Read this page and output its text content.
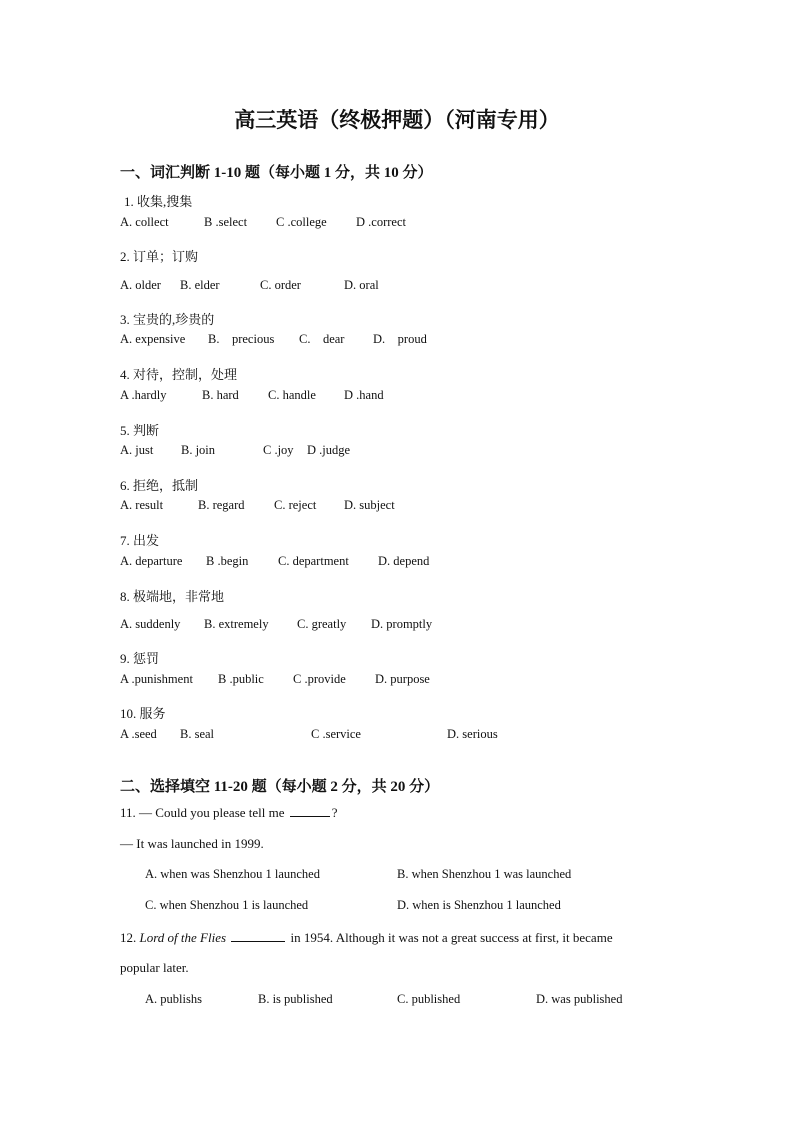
高三英语（终极押题）（河南专用）
一、词汇判断 1-10 题（每小题 1 分，共 10 分）
1. 收集,搜集
A. collect	B .select C .college D .correct
2. 订单；订购
A. older B. elder	C. order	D. oral
3. 宝贵的,珍贵的
A. expensive B.    precious C.    dear D.    proud
4. 对待，控制，处理
A .hardly	B. hard C. handle D .hand
5. 判断
A. just B. join	C .joy D .judge
6. 拒绝，抵制
A. result	B. regard C. reject D. subject
7. 出发
A. departure B .begin C. department D. depend
8. 极端地，非常地
A. suddenly B. extremely C. greatly D. promptly
9. 惩罚
A .punishment B .public C .provide D. purpose
10. 服务
A .seed B. seal	C .service	D. serious
二、选择填空 11-20 题（每小题 2 分，共 20 分）
11. — Could you please tell me	?
— It was launched in 1999.
A. when was Shenzhou 1 launched	B. when Shenzhou 1 was launched
C. when Shenzhou 1 is launched	D. when is Shenzhou 1 launched
12. Lord of the Flies	in 1954. Although it was not a great success at first, it became
popular later.
A. publishs	B. is published	C. published	D. was published
